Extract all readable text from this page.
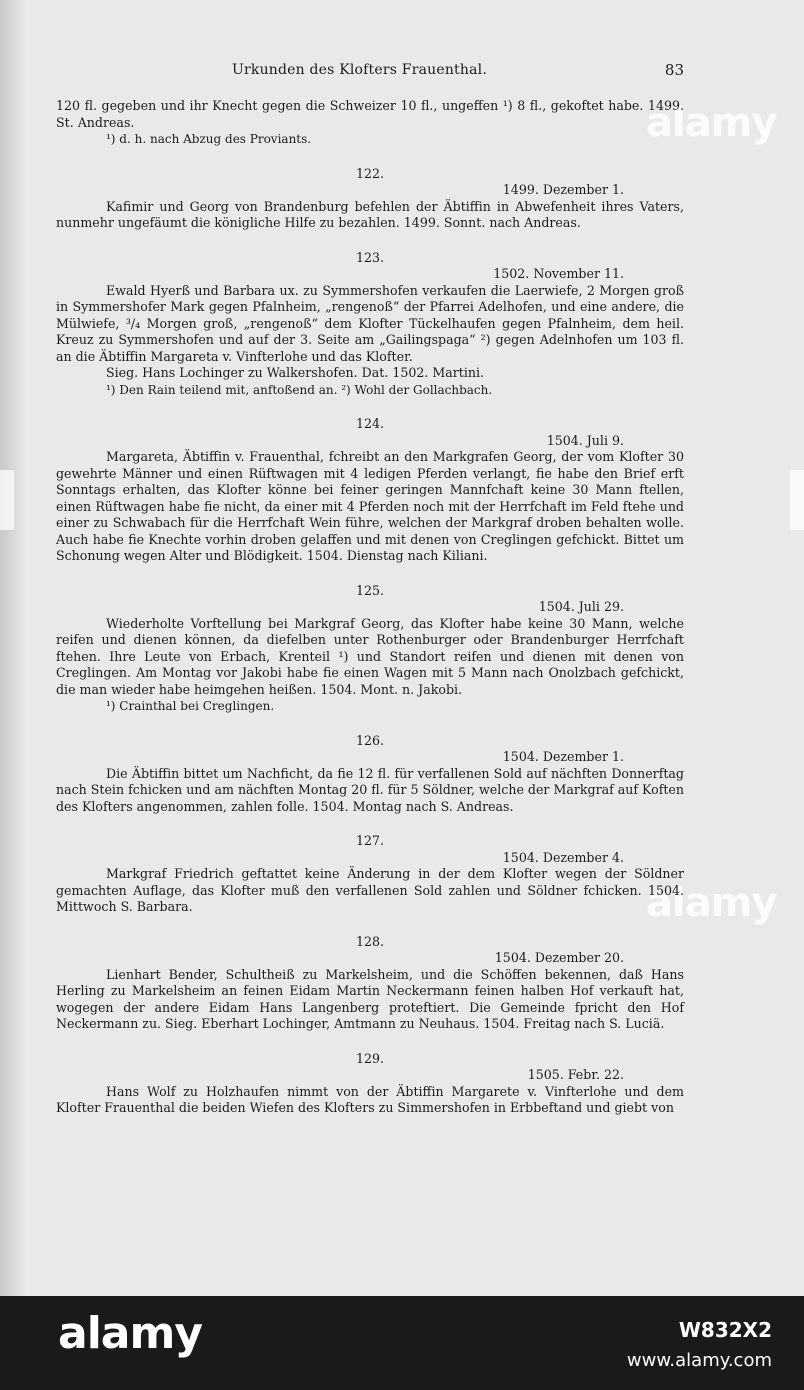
alamy
alamy
Urkunden des Klofters Frauenthal.	83

120 fl. gegeben und ihr Knecht gegen die Schweizer 10 fl., ungeffen ¹) 8 fl., gekoftet habe. 1499. St. Andreas.

¹) d. h. nach Abzug des Proviants.

122.

1499. Dezember 1.

Kafimir und Georg von Brandenburg befehlen der Äbtiffin in Abwefenheit ihres Vaters, nunmehr ungefäumt die königliche Hilfe zu bezahlen. 1499. Sonnt. nach Andreas.

123.

1502. November 11.

Ewald Hyerß und Barbara ux. zu Symmershofen verkaufen die Laerwiefe, 2 Morgen groß in Symmershofer Mark gegen Pfalnheim, „rengenoß“ der Pfarrei Adelhofen, und eine andere, die Mülwiefe, ³/₄ Morgen groß, „rengenoß“ dem Klofter Tückelhaufen gegen Pfalnheim, dem heil. Kreuz zu Symmershofen und auf der 3. Seite am „Gailingspaga“ ²) gegen Adelnhofen um 103 fl. an die Äbtiffin Margareta v. Vinfterlohe und das Klofter.

Sieg. Hans Lochinger zu Walkershofen. Dat. 1502. Martini.

¹) Den Rain teilend mit, anftoßend an. ²) Wohl der Gollachbach.

124.

1504. Juli 9.

Margareta, Äbtiffin v. Frauenthal, fchreibt an den Markgrafen Georg, der vom Klofter 30 gewehrte Männer und einen Rüftwagen mit 4 ledigen Pferden verlangt, fie habe den Brief erft Sonntags erhalten, das Klofter könne bei feiner geringen Mannfchaft keine 30 Mann ftellen, einen Rüftwagen habe fie nicht, da einer mit 4 Pferden noch mit der Herrfchaft im Feld ftehe und einer zu Schwabach für die Herrfchaft Wein führe, welchen der Markgraf droben behalten wolle. Auch habe fie Knechte vorhin droben gelaffen und mit denen von Creglingen gefchickt. Bittet um Schonung wegen Alter und Blödigkeit. 1504. Dienstag nach Kiliani.

125.

1504. Juli 29.

Wiederholte Vorftellung bei Markgraf Georg, das Klofter habe keine 30 Mann, welche reifen und dienen können, da diefelben unter Rothenburger oder Brandenburger Herrfchaft ftehen. Ihre Leute von Erbach, Krenteil ¹) und Standort reifen und dienen mit denen von Creglingen. Am Montag vor Jakobi habe fie einen Wagen mit 5 Mann nach Onolzbach gefchickt, die man wieder habe heimgehen heißen. 1504. Mont. n. Jakobi.

¹) Crainthal bei Creglingen.

126.

1504. Dezember 1.

Die Äbtiffin bittet um Nachficht, da fie 12 fl. für verfallenen Sold auf nächften Donnerftag nach Stein fchicken und am nächften Montag 20 fl. für 5 Söldner, welche der Markgraf auf Koften des Klofters angenommen, zahlen folle. 1504. Montag nach S. Andreas.

127.

1504. Dezember 4.

Markgraf Friedrich geftattet keine Änderung in der dem Klofter wegen der Söldner gemachten Auflage, das Klofter muß den verfallenen Sold zahlen und Söldner fchicken. 1504. Mittwoch S. Barbara.

128.

1504. Dezember 20.

Lienhart Bender, Schultheiß zu Markelsheim, und die Schöffen bekennen, daß Hans Herling zu Markelsheim an feinen Eidam Martin Neckermann feinen halben Hof verkauft hat, wogegen der andere Eidam Hans Langenberg proteftiert. Die Gemeinde fpricht den Hof Neckermann zu. Sieg. Eberhart Lochinger, Amtmann zu Neuhaus. 1504. Freitag nach S. Luciä.

129.

1505. Febr. 22.

Hans Wolf zu Holzhaufen nimmt von der Äbtiffin Margarete v. Vinfterlohe und dem Klofter Frauenthal die beiden Wiefen des Klofters zu Simmershofen in Erbbeftand und giebt von

alamy	W832X2
www.alamy.com
